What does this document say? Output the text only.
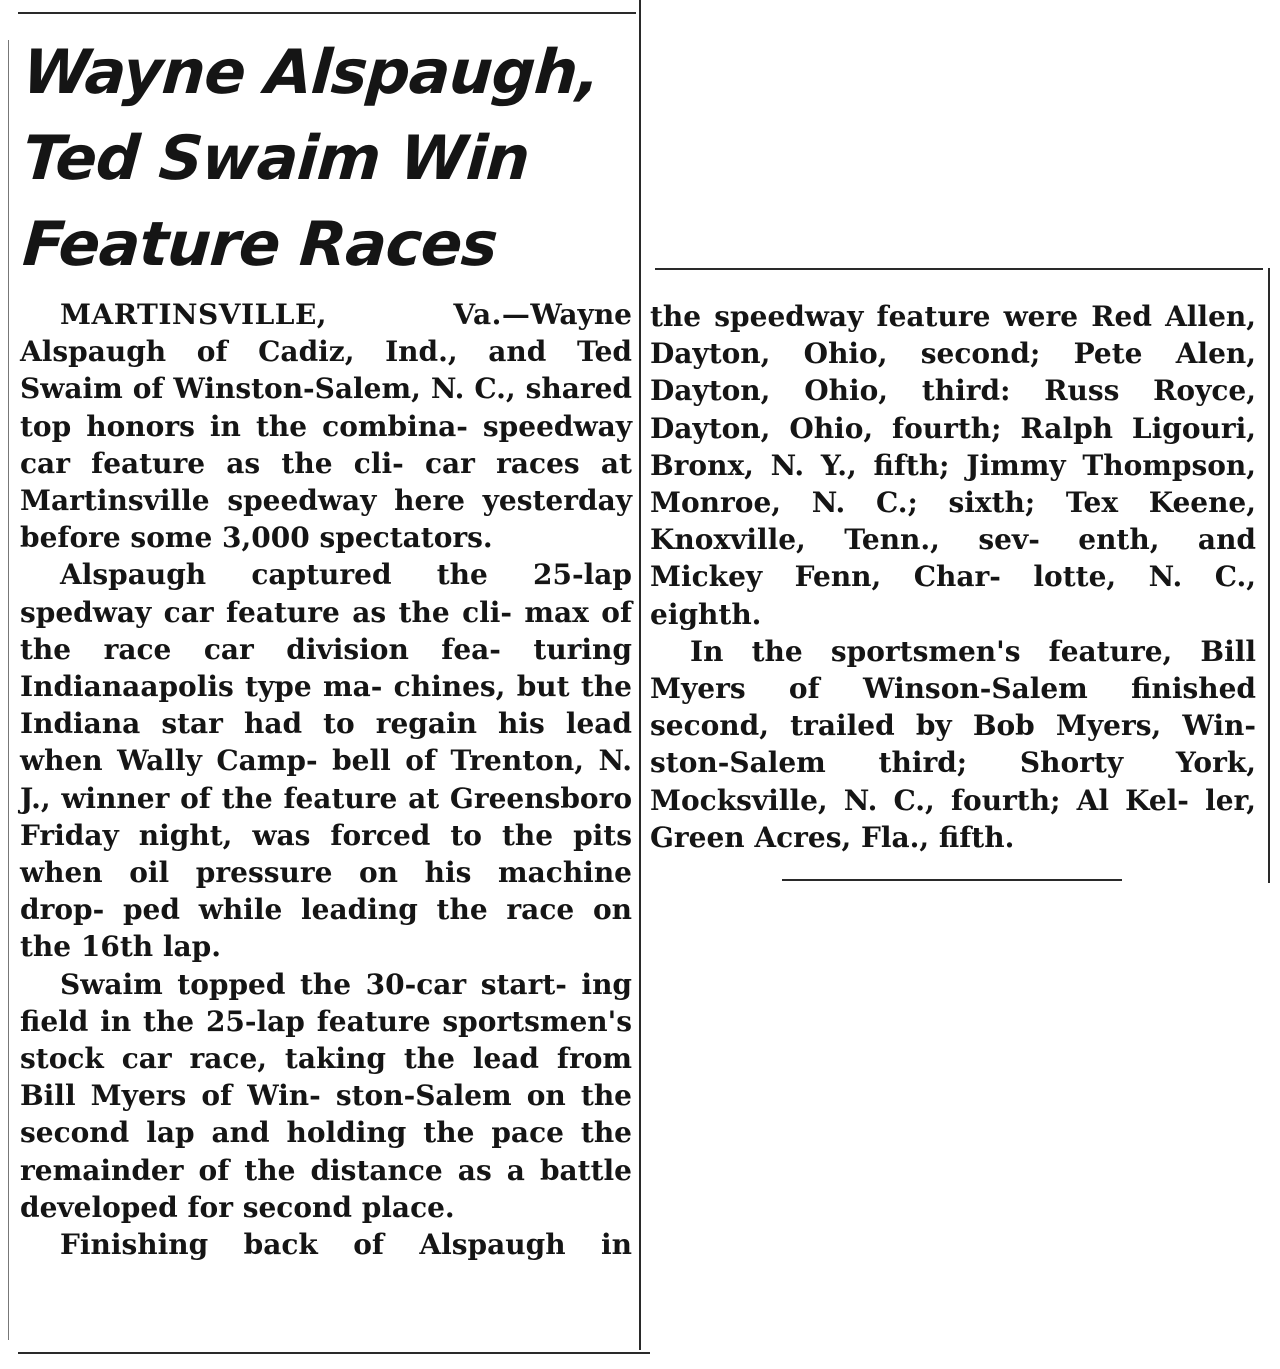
Wayne Alspaugh,
Ted Swaim Win
Feature Races

MARTINSVILLE, Va.—Wayne Alspaugh of Cadiz, Ind., and Ted Swaim of Winston-Salem, N. C., shared top honors in the combina- speedway car feature as the cli- car races at Martinsville speedway here yesterday before some 3,000 spectators.

Alspaugh captured the 25-lap spedway car feature as the cli- max of the race car division fea- turing Indianaapolis type ma- chines, but the Indiana star had to regain his lead when Wally Camp- bell of Trenton, N. J., winner of the feature at Greensboro Friday night, was forced to the pits when oil pressure on his machine drop- ped while leading the race on the 16th lap.

Swaim topped the 30-car start- ing field in the 25-lap feature sportsmen's stock car race, taking the lead from Bill Myers of Win- ston-Salem on the second lap and holding the pace the remainder of the distance as a battle developed for second place.

Finishing back of Alspaugh in

the speedway feature were Red Allen, Dayton, Ohio, second; Pete Alen, Dayton, Ohio, third: Russ Royce, Dayton, Ohio, fourth; Ralph Ligouri, Bronx, N. Y., fifth; Jimmy Thompson, Monroe, N. C.; sixth; Tex Keene, Knoxville, Tenn., sev- enth, and Mickey Fenn, Char- lotte, N. C., eighth.

In the sportsmen's feature, Bill Myers of Winson-Salem finished second, trailed by Bob Myers, Win- ston-Salem third; Shorty York, Mocksville, N. C., fourth; Al Kel- ler, Green Acres, Fla., fifth.
